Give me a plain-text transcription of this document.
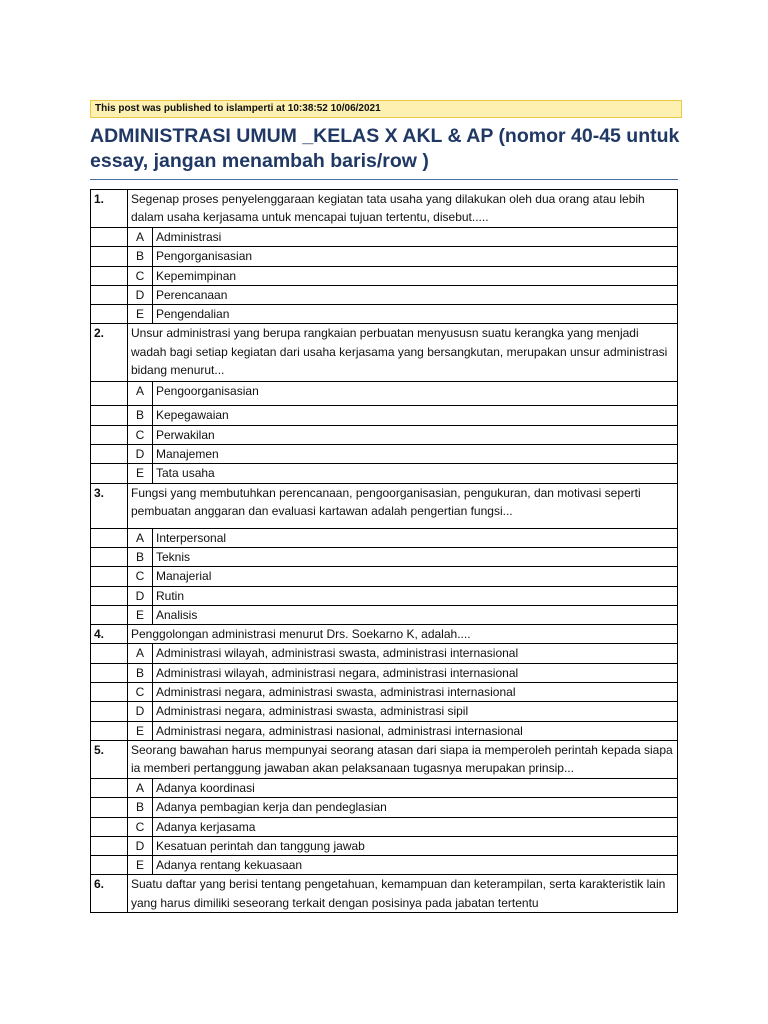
This post was published to islamperti at 10:38:52 10/06/2021
ADMINISTRASI UMUM _KELAS X AKL & AP (nomor 40-45 untuk essay, jangan menambah baris/row )
1.	Segenap proses penyelenggaraan kegiatan tata usaha yang dilakukan oleh dua orang atau lebih dalam usaha kerjasama untuk mencapai tujuan tertentu, disebut.....	
	A	Administrasi
	B	Pengorganisasian
	C	Kepemimpinan
	D	Perencanaan
	E	Pengendalian
2.	Unsur administrasi yang berupa rangkaian perbuatan menyususn suatu kerangka yang menjadi wadah bagi setiap kegiatan dari usaha kerjasama yang bersangkutan, merupakan unsur administrasi bidang menurut...	
	A	Pengoorganisasian
	B	Kepegawaian
	C	Perwakilan
	D	Manajemen
	E	Tata usaha
3.	Fungsi yang membutuhkan perencanaan, pengoorganisasian, pengukuran, dan motivasi seperti pembuatan anggaran dan evaluasi kartawan adalah pengertian fungsi...	
	A	Interpersonal
	B	Teknis
	C	Manajerial
	D	Rutin
	E	Analisis
4.	Penggolongan administrasi menurut Drs. Soekarno K, adalah....	
	A	Administrasi wilayah, administrasi swasta, administrasi internasional
	B	Administrasi wilayah, administrasi negara, administrasi internasional
	C	Administrasi negara, administrasi swasta, administrasi internasional
	D	Administrasi negara, administrasi swasta, administrasi sipil
	E	Administrasi negara, administrasi nasional, administrasi internasional
5.	Seorang bawahan harus mempunyai seorang atasan dari siapa ia memperoleh perintah kepada siapa ia memberi pertanggung jawaban akan pelaksanaan tugasnya merupakan prinsip...	
	A	Adanya koordinasi
	B	Adanya pembagian kerja dan pendeglasian
	C	Adanya kerjasama
	D	Kesatuan perintah dan tanggung jawab
	E	Adanya rentang kekuasaan
6.	Suatu daftar yang berisi tentang pengetahuan, kemampuan dan keterampilan, serta karakteristik lain yang harus dimiliki seseorang terkait dengan posisinya pada jabatan tertentu	
